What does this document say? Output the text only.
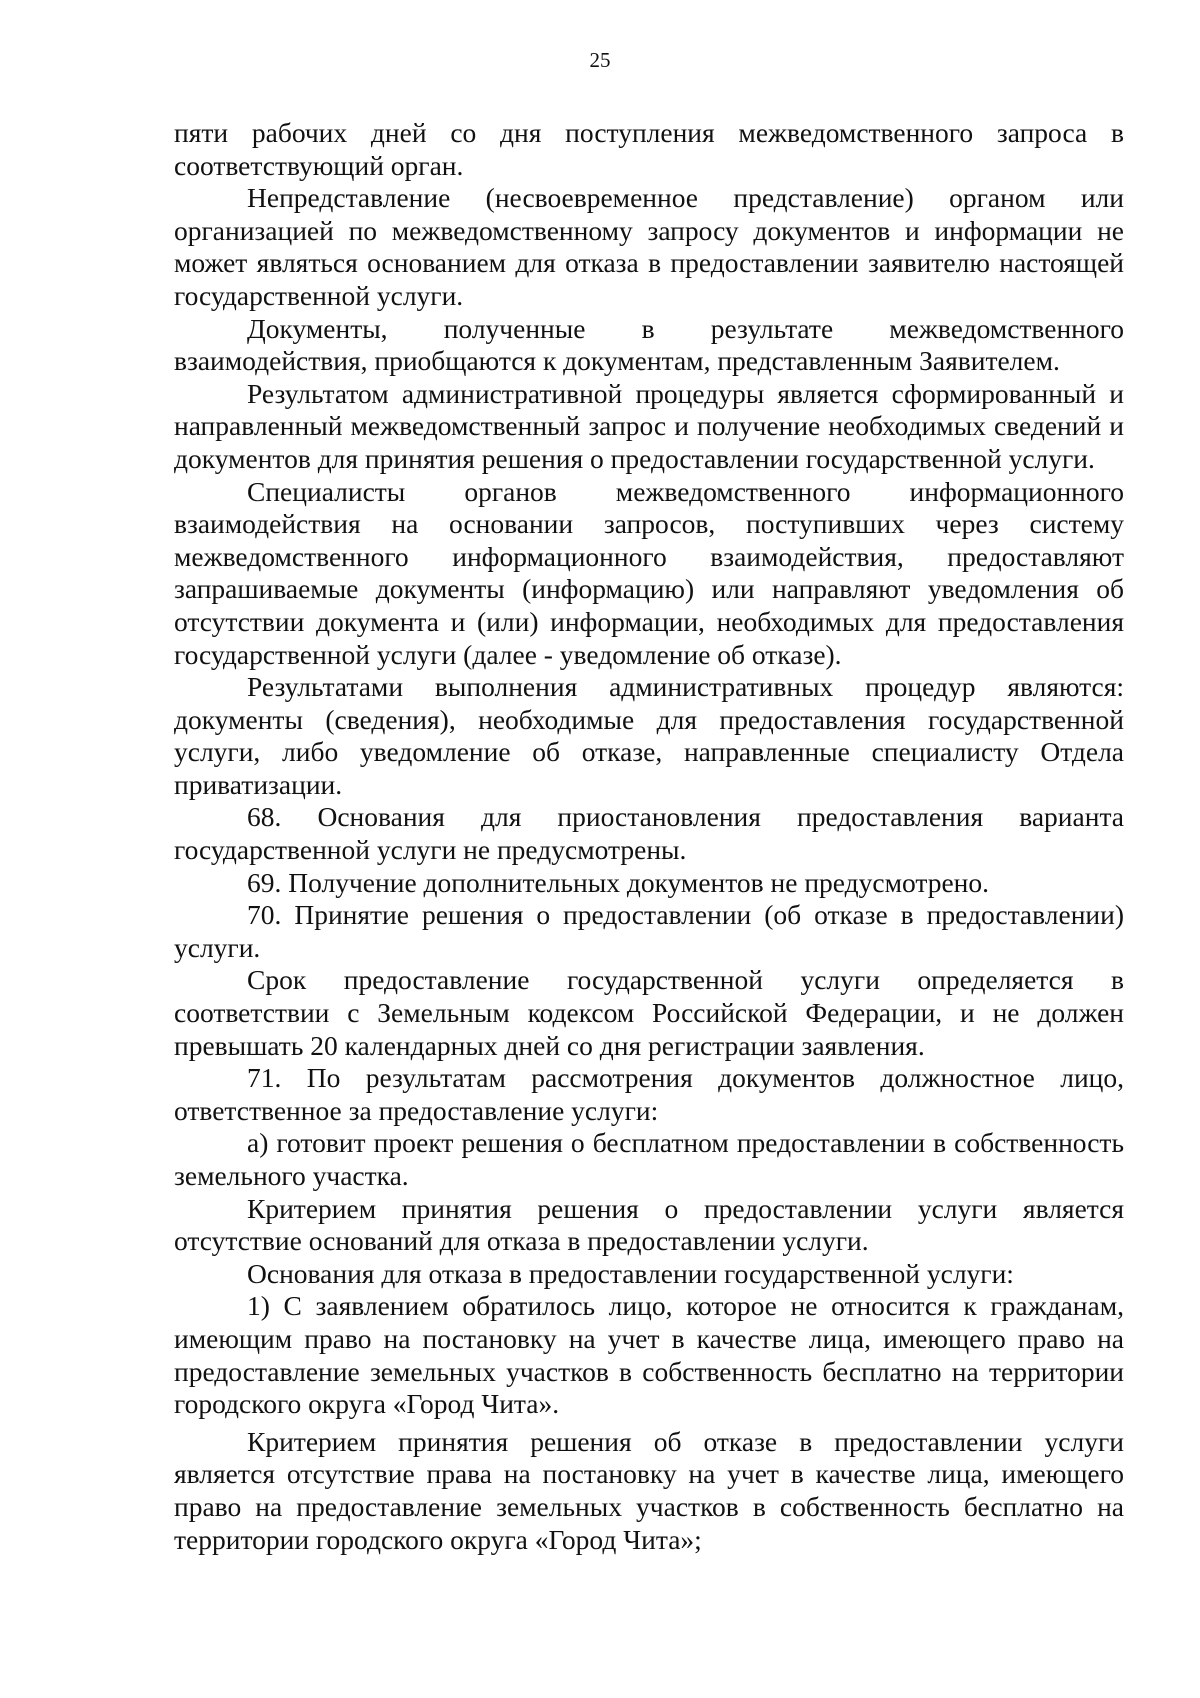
25

пяти рабочих дней со дня поступления межведомственного запроса в соответствующий орган.

Непредставление (несвоевременное представление) органом или организацией по межведомственному запросу документов и информации не может являться основанием для отказа в предоставлении заявителю настоящей государственной услуги.

Документы, полученные в результате межведомственного взаимодействия, приобщаются к документам, представленным Заявителем.

Результатом административной процедуры является сформированный и направленный межведомственный запрос и получение необходимых сведений и документов для принятия решения о предоставлении государственной услуги.

Специалисты органов межведомственного информационного взаимодействия на основании запросов, поступивших через систему межведомственного информационного взаимодействия, предоставляют запрашиваемые документы (информацию) или направляют уведомления об отсутствии документа и (или) информации, необходимых для предоставления государственной услуги (далее - уведомление об отказе).

Результатами выполнения административных процедур являются: документы (сведения), необходимые для предоставления государственной услуги, либо уведомление об отказе, направленные специалисту Отдела приватизации.

68. Основания для приостановления предоставления варианта государственной услуги не предусмотрены.

69. Получение дополнительных документов не предусмотрено.

70. Принятие решения о предоставлении (об отказе в предоставлении) услуги.

Срок предоставление государственной услуги определяется в соответствии с Земельным кодексом Российской Федерации, и не должен превышать 20 календарных дней со дня регистрации заявления.

71. По результатам рассмотрения документов должностное лицо, ответственное за предоставление услуги:

а) готовит проект решения о бесплатном предоставлении в собственность земельного участка.

Критерием принятия решения о предоставлении услуги является отсутствие оснований для отказа в предоставлении услуги.

Основания для отказа в предоставлении государственной услуги:

1) С заявлением обратилось лицо, которое не относится к гражданам, имеющим право на постановку на учет в качестве лица, имеющего право на предоставление земельных участков в собственность бесплатно на территории городского округа «Город Чита».

Критерием принятия решения об отказе в предоставлении услуги является отсутствие права на постановку на учет в качестве лица, имеющего право на предоставление земельных участков в собственность бесплатно на территории городского округа «Город Чита»;
